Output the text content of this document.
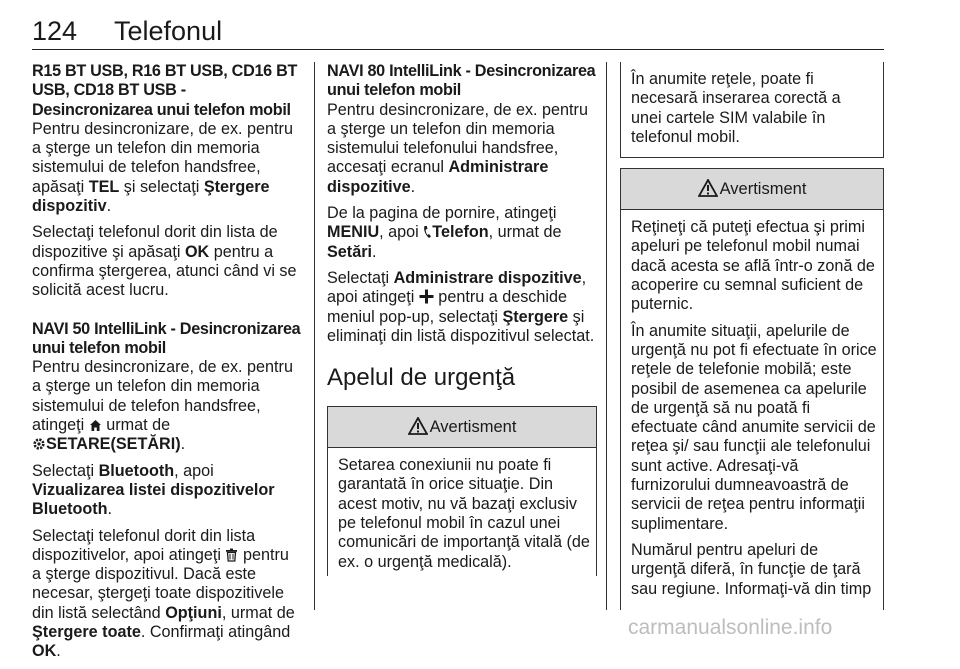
124 Telefonul

R15 BT USB, R16 BT USB, CD16 BT USB, CD18 BT USB - Desincronizarea unui telefon mobil

Pentru desincronizare, de ex. pentru a şterge un telefon din memoria sistemului de telefon handsfree, apăsaţi TEL şi selectaţi Ştergere dispozitiv.

Selectaţi telefonul dorit din lista de dispozitive şi apăsaţi OK pentru a confirma ştergerea, atunci când vi se solicită acest lucru.

NAVI 50 IntelliLink - Desincronizarea unui telefon mobil

Pentru desincronizare, de ex. pentru a şterge un telefon din memoria sistemului de telefon handsfree, atingeţi  urmat de
SETARE(SETĂRI).

Selectaţi Bluetooth, apoi Vizualizarea listei dispozitivelor Bluetooth.

Selectaţi telefonul dorit din lista dispozitivelor, apoi atingeţi  pentru a şterge dispozitivul. Dacă este necesar, ştergeţi toate dispozitivele din listă selectând Opţiuni, urmat de Ştergere toate. Confirmaţi atingând OK.

NAVI 80 IntelliLink - Desincronizarea unui telefon mobil

Pentru desincronizare, de ex. pentru a şterge un telefon din memoria sistemului telefonului handsfree, accesaţi ecranul Administrare dispozitive.

De la pagina de pornire, atingeţi MENIU, apoi Telefon, urmat de Setări.

Selectaţi Administrare dispozitive, apoi atingeţi  pentru a deschide meniul pop-up, selectaţi Ştergere şi eliminaţi din listă dispozitivul selectat.

Apelul de urgenţă
Avertisment
Setarea conexiunii nu poate fi garantată în orice situaţie. Din acest motiv, nu vă bazaţi exclusiv pe telefonul mobil în cazul unei comunicări de importanţă vitală (de ex. o urgenţă medicală).
În anumite reţele, poate fi necesară inserarea corectă a unei cartele SIM valabile în telefonul mobil.
Avertisment

Reţineţi că puteţi efectua şi primi apeluri pe telefonul mobil numai dacă acesta se află într-o zonă de acoperire cu semnal suficient de puternic.

În anumite situaţii, apelurile de urgenţă nu pot fi efectuate în orice reţele de telefonie mobilă; este posibil de asemenea ca apelurile de urgenţă să nu poată fi efectuate când anumite servicii de reţea şi/ sau funcţii ale telefonului sunt active. Adresaţi-vă furnizorului dumneavoastră de servicii de reţea pentru informaţii suplimentare.

Numărul pentru apeluri de urgenţă diferă, în funcţie de ţară sau regiune. Informaţi-vă din timp

carmanualsonline.info
